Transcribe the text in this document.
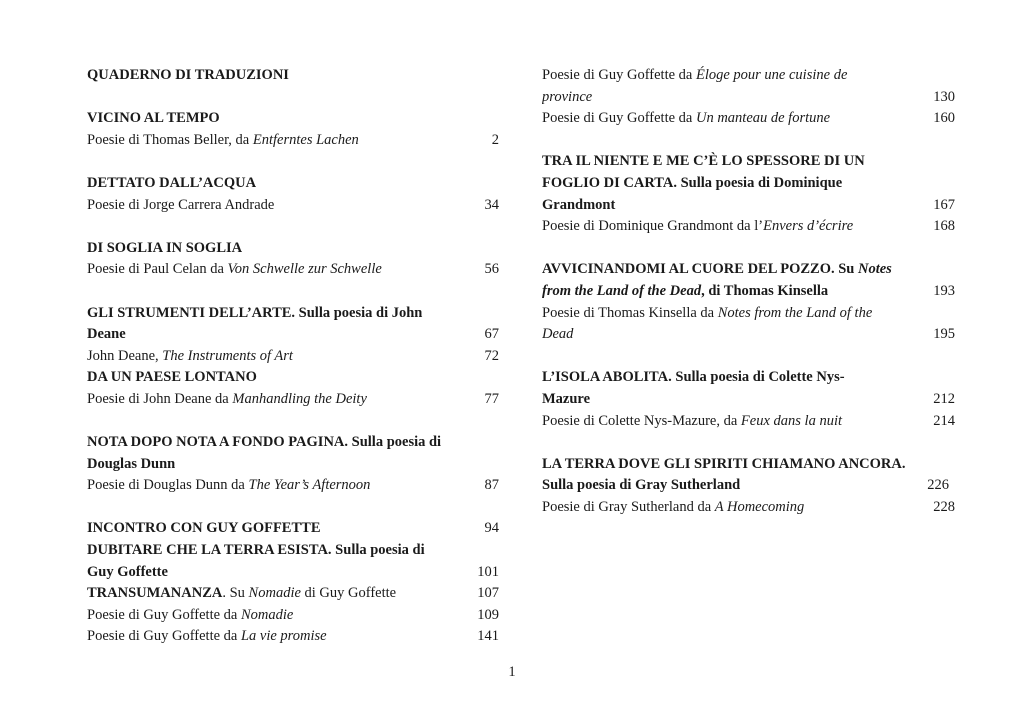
QUADERNO DI TRADUZIONI
VICINO AL TEMPO
Poesie di Thomas Beller, da Entferntes Lachen	2
DETTATO DALL’ACQUA
Poesie di Jorge Carrera Andrade	34
DI SOGLIA IN SOGLIA
Poesie di Paul Celan da Von Schwelle zur Schwelle	56
GLI STRUMENTI DELL’ARTE. Sulla poesia di John
Deane	67
John Deane, The Instruments of Art	72
DA UN PAESE LONTANO
Poesie di John Deane da Manhandling the Deity	77
NOTA DOPO NOTA A FONDO PAGINA. Sulla poesia di
Douglas Dunn
Poesie di Douglas Dunn da The Year’s Afternoon	87
INCONTRO CON GUY GOFFETTE	94
DUBITARE CHE LA TERRA ESISTA. Sulla poesia di
Guy Goffette	101
TRANSUMANANZA. Su Nomadie di Guy Goffette	107
Poesie di Guy Goffette da Nomadie	109
Poesie di Guy Goffette da La vie promise	141
Poesie di Guy Goffette da Éloge pour une cuisine de
province	130
Poesie di Guy Goffette da Un manteau de fortune	160
TRA IL NIENTE E ME C’È LO SPESSORE DI UN
FOGLIO DI CARTA. Sulla poesia di Dominique
Grandmont	167
Poesie di Dominique Grandmont da l’Envers d’écrire	168
AVVICINANDOMI AL CUORE DEL POZZO. Su Notes
from the Land of the Dead, di Thomas Kinsella	193
Poesie di Thomas Kinsella da Notes from the Land of the
Dead	195
L’ISOLA ABOLITA. Sulla poesia di Colette Nys-
Mazure	212
Poesie di Colette Nys-Mazure, da Feux dans la nuit	214
LA TERRA DOVE GLI SPIRITI CHIAMANO ANCORA.
Sulla poesia di Gray Sutherland	226
Poesie di Gray Sutherland da A Homecoming	228
1
